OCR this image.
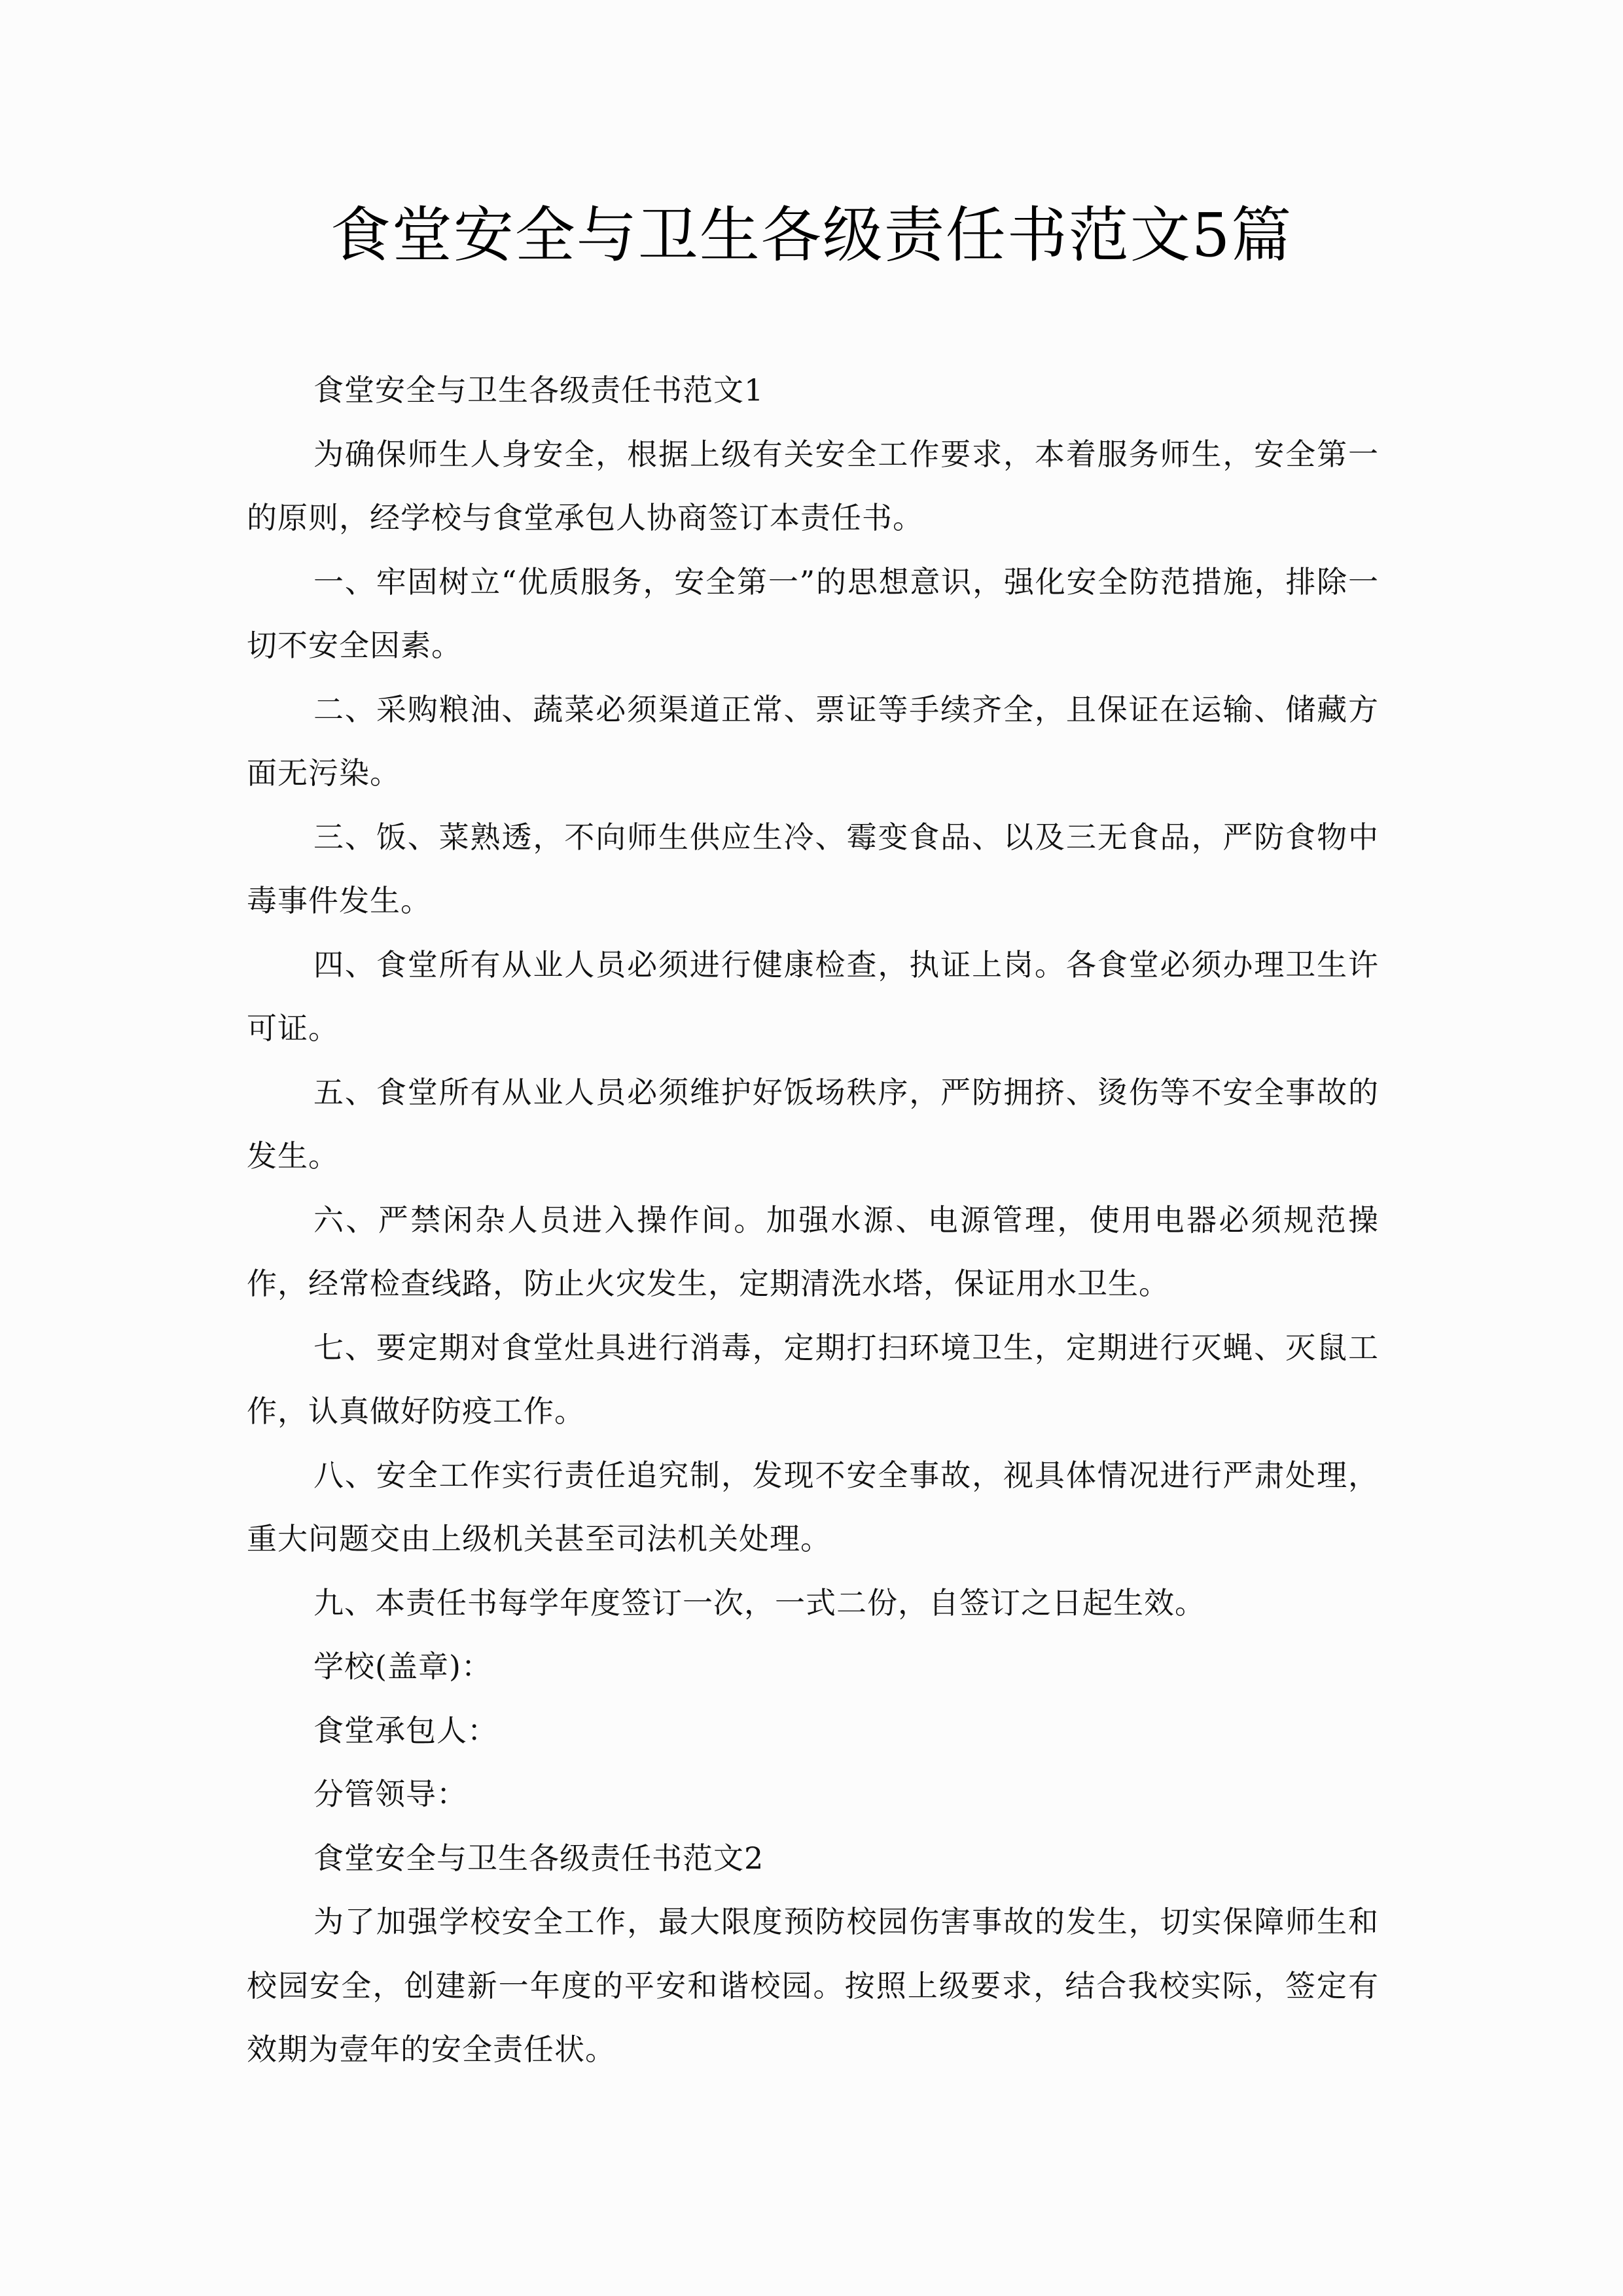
食堂安全与卫生各级责任书范文5篇

食堂安全与卫生各级责任书范文1

为确保师生人身安全，根据上级有关安全工作要求，本着服务师生，安全第一的原则，经学校与食堂承包人协商签订本责任书。

一、牢固树立“优质服务，安全第一”的思想意识，强化安全防范措施，排除一切不安全因素。

二、采购粮油、蔬菜必须渠道正常、票证等手续齐全，且保证在运输、储藏方面无污染。

三、饭、菜熟透，不向师生供应生冷、霉变食品、以及三无食品，严防食物中毒事件发生。

四、食堂所有从业人员必须进行健康检查，执证上岗。各食堂必须办理卫生许可证。

五、食堂所有从业人员必须维护好饭场秩序，严防拥挤、烫伤等不安全事故的发生。

六、严禁闲杂人员进入操作间。加强水源、电源管理，使用电器必须规范操作，经常检查线路，防止火灾发生，定期清洗水塔，保证用水卫生。

七、要定期对食堂灶具进行消毒，定期打扫环境卫生，定期进行灭蝇、灭鼠工作，认真做好防疫工作。

八、安全工作实行责任追究制，发现不安全事故，视具体情况进行严肃处理，重大问题交由上级机关甚至司法机关处理。

九、本责任书每学年度签订一次，一式二份，自签订之日起生效。

学校(盖章)：

食堂承包人：

分管领导：

食堂安全与卫生各级责任书范文2

为了加强学校安全工作，最大限度预防校园伤害事故的发生，切实保障师生和校园安全，创建新一年度的平安和谐校园。按照上级要求，结合我校实际，签定有效期为壹年的安全责任状。
